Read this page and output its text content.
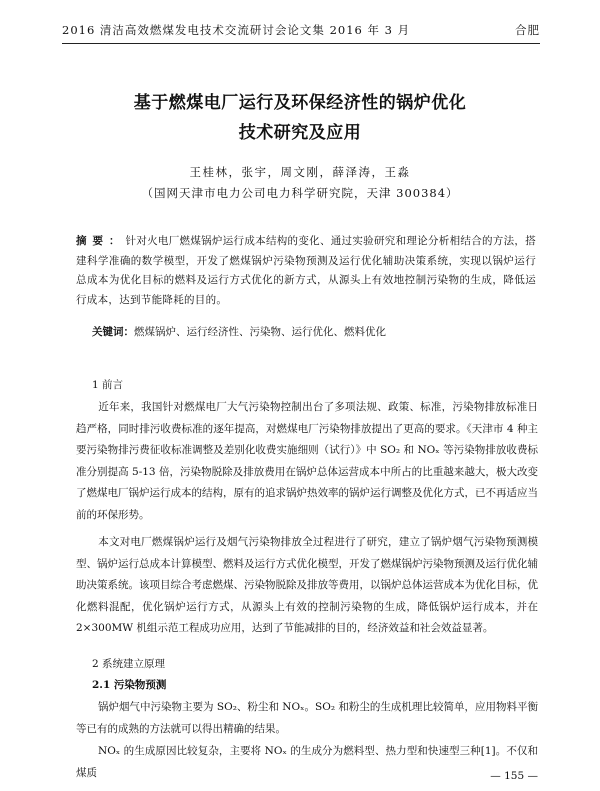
2016 清洁高效燃煤发电技术交流研讨会论文集 2016 年 3 月	合肥
基于燃煤电厂运行及环保经济性的锅炉优化
技术研究及应用
王桂林，张宇，周文刚，薛泽涛，王淼
（国网天津市电力公司电力科学研究院，天津 300384）
摘要：针对火电厂燃煤锅炉运行成本结构的变化、通过实验研究和理论分析相结合的方法，搭建科学准确的数学模型，开发了燃煤锅炉污染物预测及运行优化辅助决策系统，实现以锅炉运行总成本为优化目标的燃料及运行方式优化的新方式，从源头上有效地控制污染物的生成，降低运行成本，达到节能降耗的目的。
关键词：燃煤锅炉、运行经济性、污染物、运行优化、燃料优化
1 前言
近年来，我国针对燃煤电厂大气污染物控制出台了多项法规、政策、标准，污染物排放标准日趋严格，同时排污收费标准的逐年提高，对燃煤电厂污染物排放提出了更高的要求。《天津市 4 种主要污染物排污费征收标准调整及差别化收费实施细则（试行）》中 SO₂ 和 NOₓ 等污染物排放收费标准分别提高 5-13 倍，污染物脱除及排放费用在锅炉总体运营成本中所占的比重越来越大，极大改变了燃煤电厂锅炉运行成本的结构，原有的追求锅炉热效率的锅炉运行调整及优化方式，已不再适应当前的环保形势。
本文对电厂燃煤锅炉运行及烟气污染物排放全过程进行了研究，建立了锅炉烟气污染物预测模型、锅炉运行总成本计算模型、燃料及运行方式优化模型，开发了燃煤锅炉污染物预测及运行优化辅助决策系统。该项目综合考虑燃煤、污染物脱除及排放等费用，以锅炉总体运营成本为优化目标，优化燃料混配，优化锅炉运行方式，从源头上有效的控制污染物的生成，降低锅炉运行成本，并在 2×300MW 机组示范工程成功应用，达到了节能减排的目的，经济效益和社会效益显著。
2 系统建立原理
2.1 污染物预测
锅炉烟气中污染物主要为 SO₂、粉尘和 NOₓ。SO₂ 和粉尘的生成机理比较简单，应用物料平衡等已有的成熟的方法就可以得出精确的结果。
NOₓ 的生成原因比较复杂，主要将 NOₓ 的生成分为燃料型、热力型和快速型三种[1]。不仅和煤质	— 155 —
